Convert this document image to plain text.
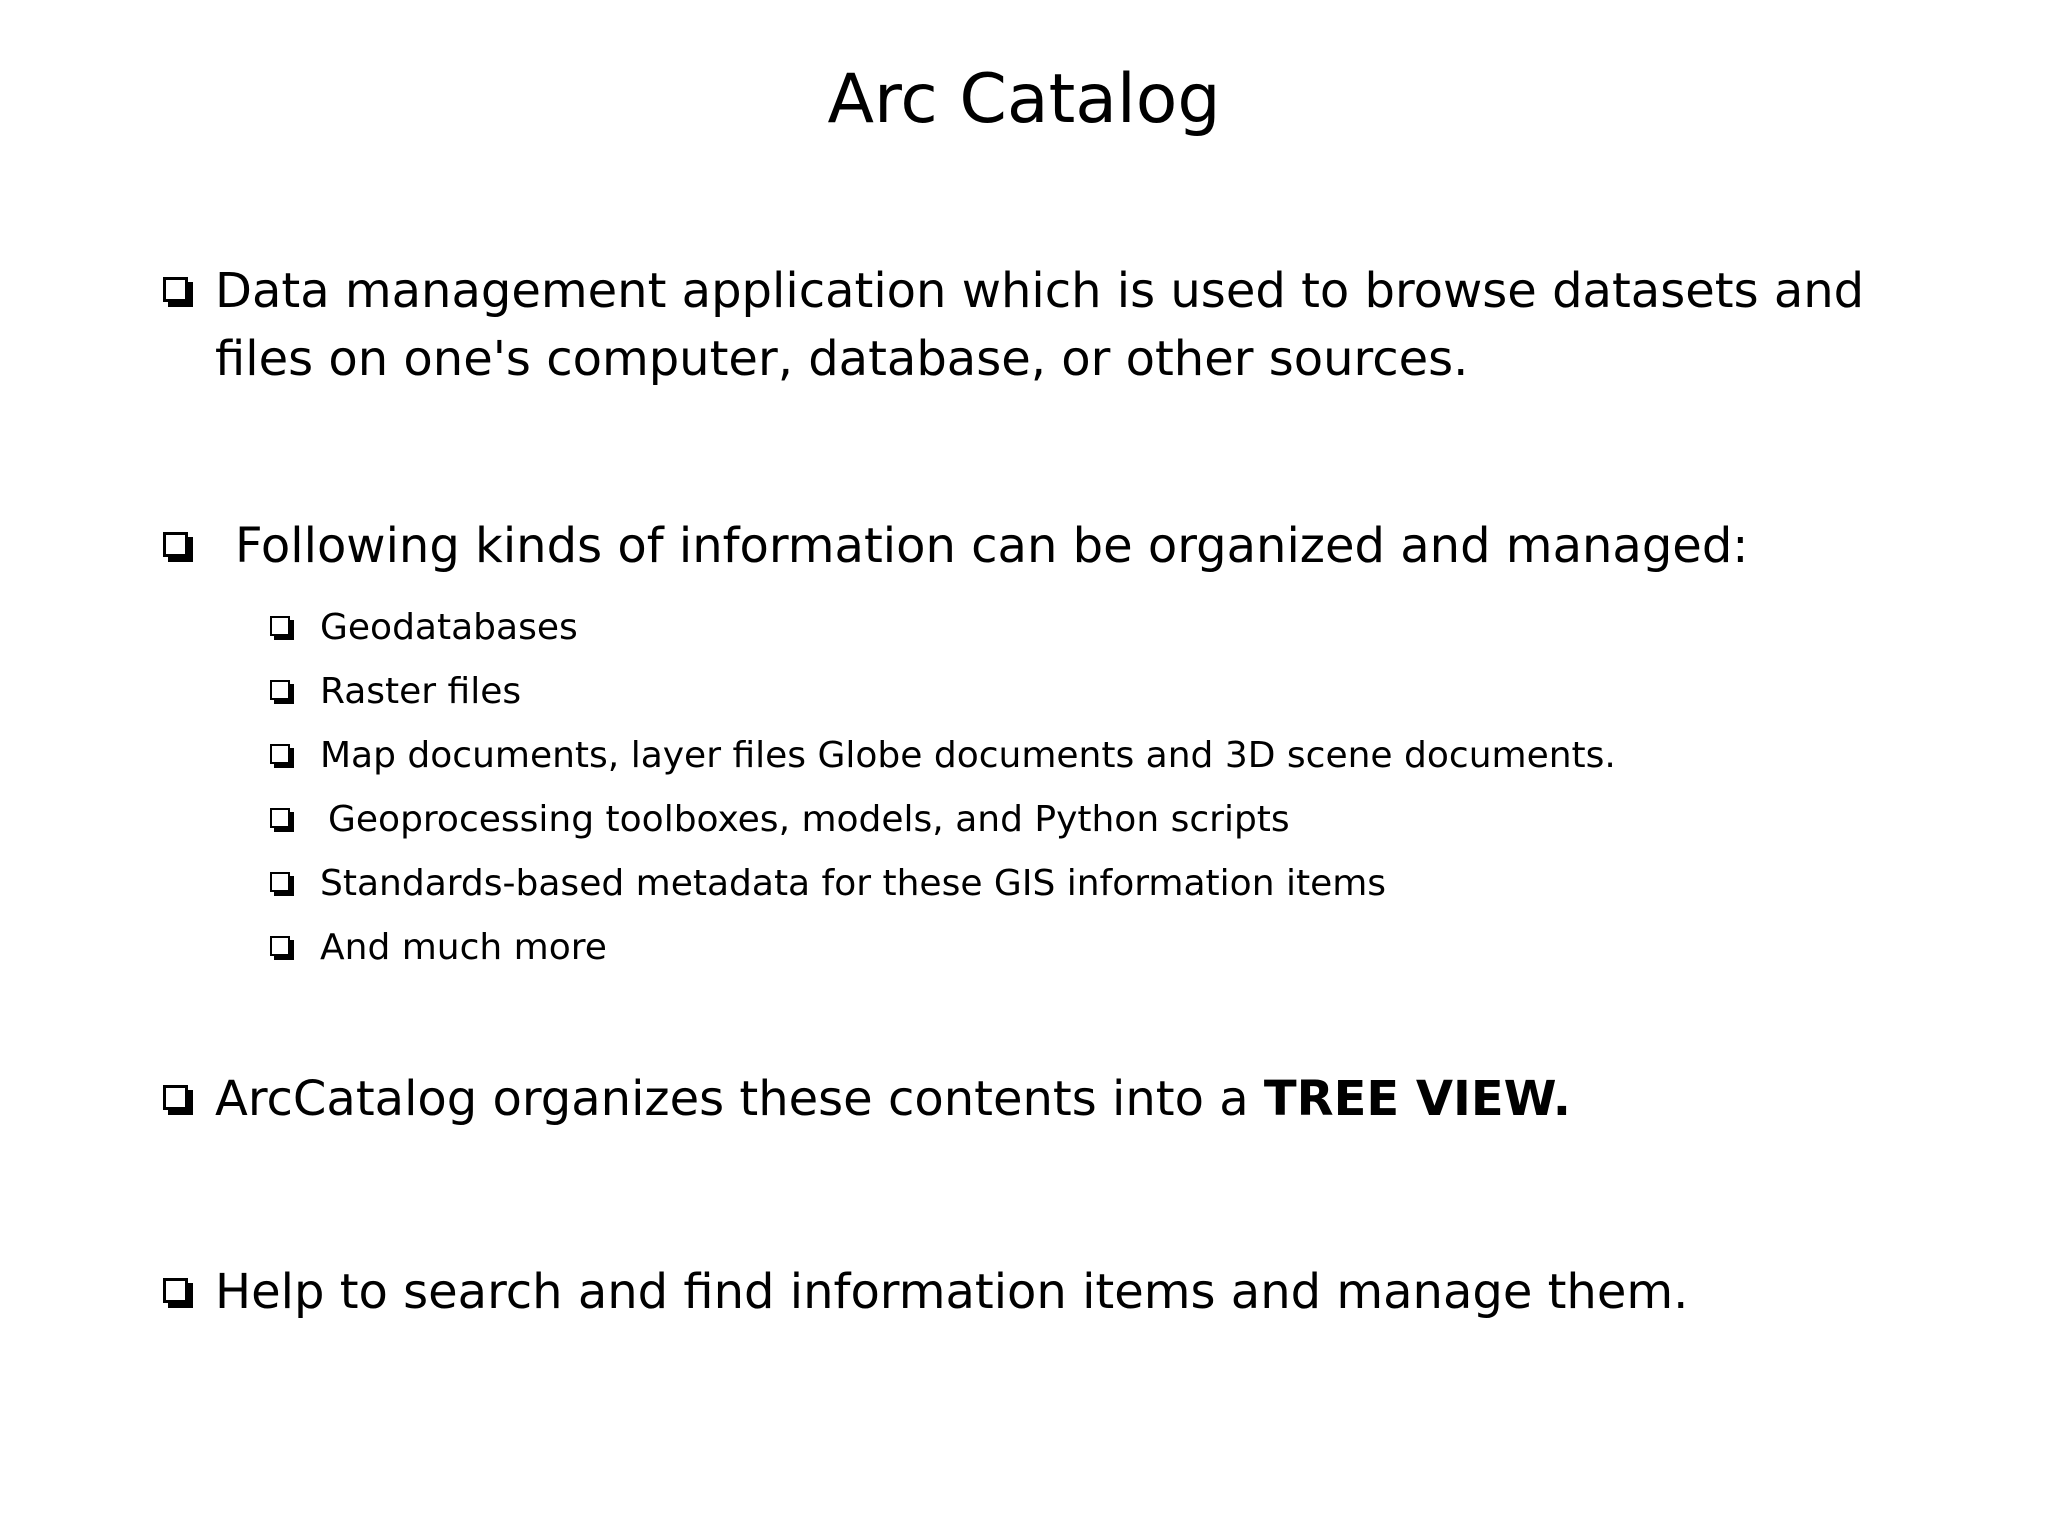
Arc Catalog
Data management application which is used to browse datasets and files on one's computer, database, or other sources.
Following kinds of information can be organized and managed:
Geodatabases
Raster files
Map documents, layer files Globe documents and 3D scene documents.
Geoprocessing toolboxes, models, and Python scripts
Standards-based metadata for these GIS information items
And much more
ArcCatalog organizes these contents into a TREE VIEW.
Help to search and find information items and manage them.
